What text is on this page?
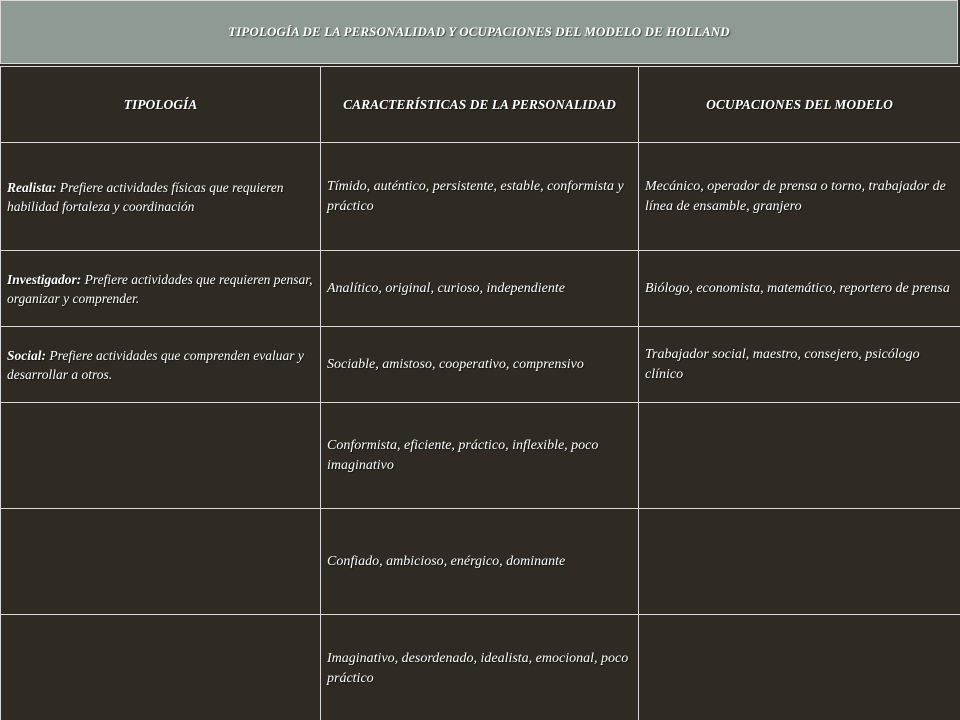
TIPOLOGÍA DE LA PERSONALIDAD Y OCUPACIONES DEL MODELO DE HOLLAND
TIPOLOGÍA	CARACTERÍSTICAS DE LA PERSONALIDAD	OCUPACIONES DEL MODELO
Realista: Prefiere actividades físicas que requieren habilidad fortaleza y coordinación	Tímido, auténtico, persistente, estable, conformista y práctico	Mecánico, operador de prensa o torno, trabajador de línea de ensamble, granjero
Investigador: Prefiere actividades que requieren pensar, organizar y comprender.	Analítico, original, curioso, independiente	Biólogo, economista, matemático, reportero de prensa
Social: Prefiere actividades que comprenden evaluar y desarrollar a otros.	Sociable, amistoso, cooperativo, comprensivo	Trabajador social, maestro, consejero, psicólogo clínico
	Conformista, eficiente, práctico, inflexible, poco imaginativo	
	Confiado, ambicioso, enérgico, dominante	
	Imaginativo, desordenado, idealista, emocional, poco práctico	
